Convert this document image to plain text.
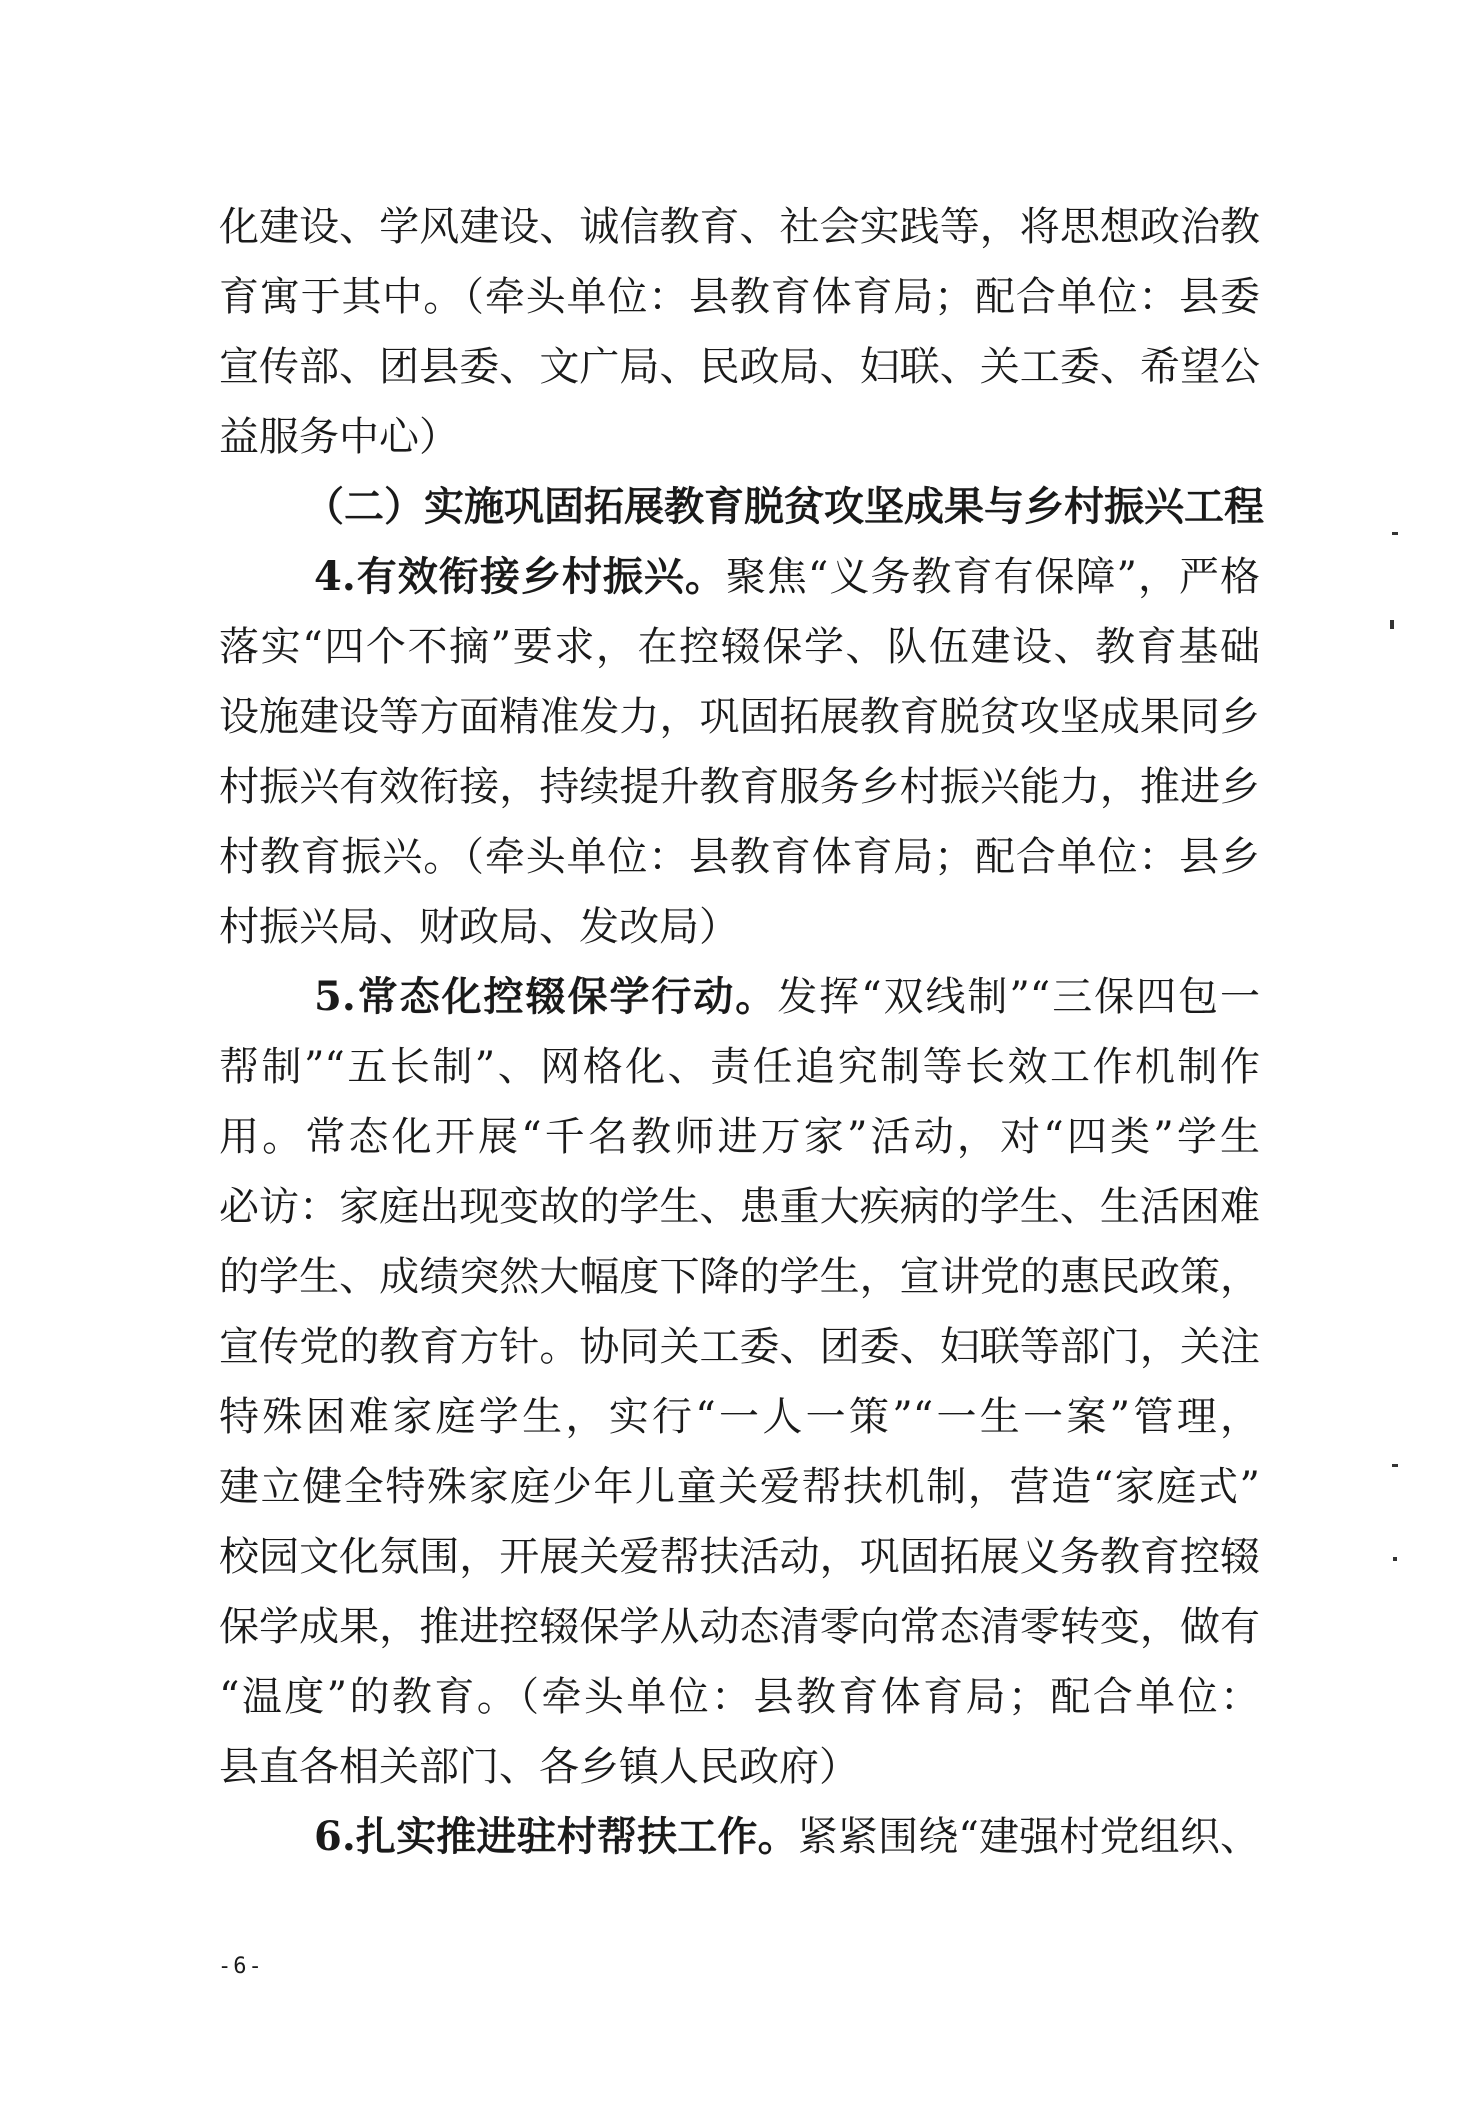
化建设、学风建设、诚信教育、社会实践等，将思想政治教
育寓于其中。（牵头单位：县教育体育局；配合单位：县委
宣传部、团县委、文广局、民政局、妇联、关工委、希望公
益服务中心）
（二）实施巩固拓展教育脱贫攻坚成果与乡村振兴工程
4.有效衔接乡村振兴。聚焦“义务教育有保障”，严格
落实“四个不摘”要求，在控辍保学、队伍建设、教育基础
设施建设等方面精准发力，巩固拓展教育脱贫攻坚成果同乡
村振兴有效衔接，持续提升教育服务乡村振兴能力，推进乡
村教育振兴。（牵头单位：县教育体育局；配合单位：县乡
村振兴局、财政局、发改局）
5.常态化控辍保学行动。发挥“双线制”“三保四包一
帮制”“五长制”、网格化、责任追究制等长效工作机制作
用。常态化开展“千名教师进万家”活动，对“四类”学生
必访：家庭出现变故的学生、患重大疾病的学生、生活困难
的学生、成绩突然大幅度下降的学生，宣讲党的惠民政策，
宣传党的教育方针。协同关工委、团委、妇联等部门，关注
特殊困难家庭学生，实行“一人一策”“一生一案”管理，
建立健全特殊家庭少年儿童关爱帮扶机制，营造“家庭式”
校园文化氛围，开展关爱帮扶活动，巩固拓展义务教育控辍
保学成果，推进控辍保学从动态清零向常态清零转变，做有
“温度”的教育。（牵头单位：县教育体育局；配合单位：
县直各相关部门、各乡镇人民政府）
6.扎实推进驻村帮扶工作。紧紧围绕“建强村党组织、
-6-
